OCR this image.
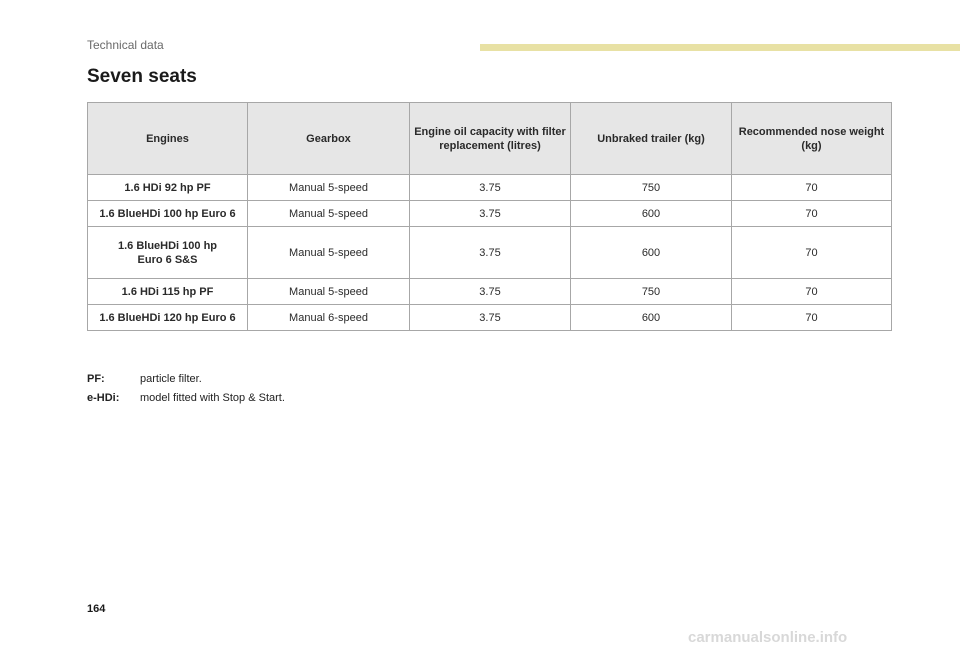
Technical data
Seven seats
Engines	Gearbox	Engine oil capacity with filter replacement (litres)	Unbraked trailer (kg)	Recommended nose weight (kg)
1.6 HDi 92 hp PF	Manual 5-speed	3.75	750	70
1.6 BlueHDi 100 hp Euro 6	Manual 5-speed	3.75	600	70
1.6 BlueHDi 100 hp Euro 6 S&S	Manual 5-speed	3.75	600	70
1.6 HDi 115 hp PF	Manual 5-speed	3.75	750	70
1.6 BlueHDi 120 hp Euro 6	Manual 6-speed	3.75	600	70
PF:	particle filter.
e-HDi:	model fitted with Stop & Start.
164
carmanualsonline.info
